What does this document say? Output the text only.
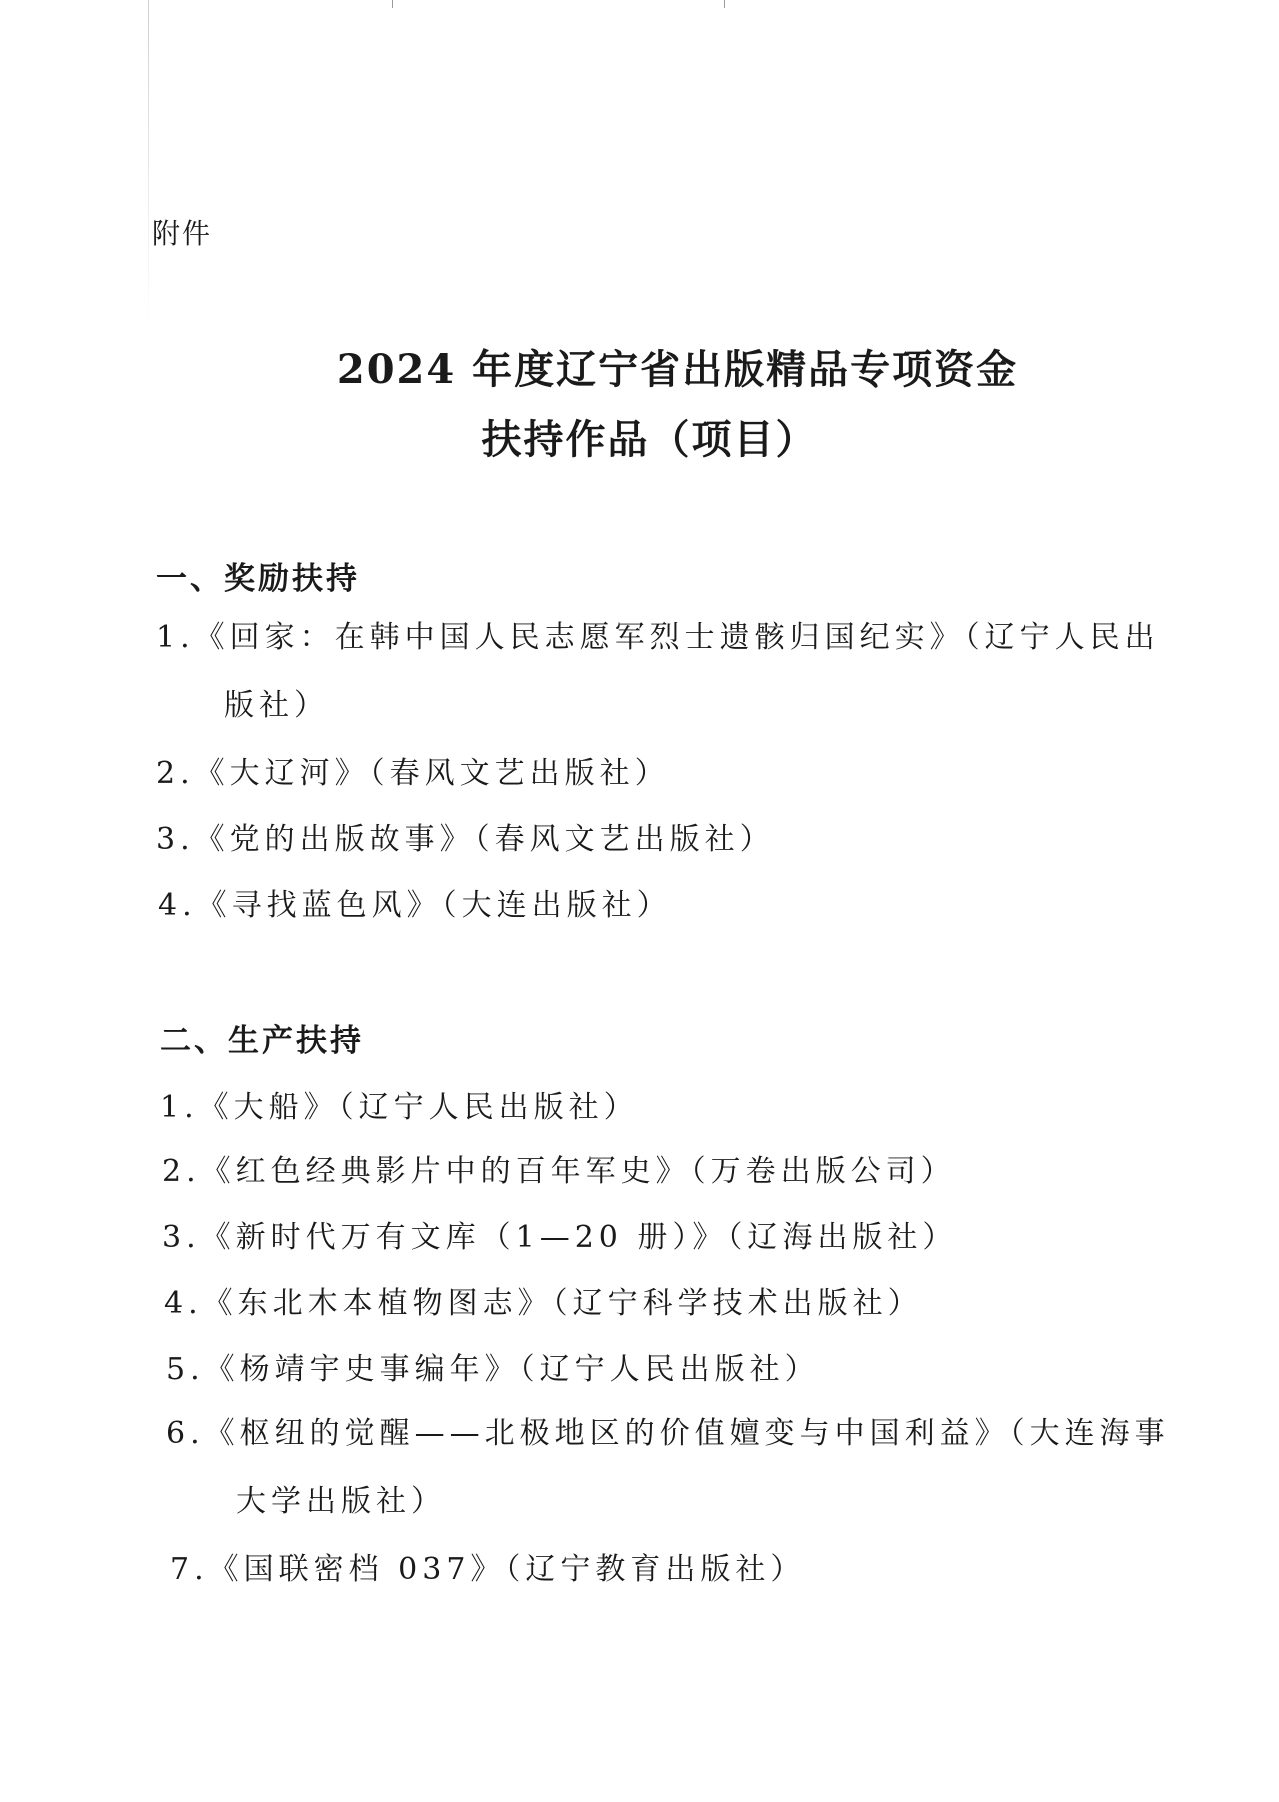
附件
2024 年度辽宁省出版精品专项资金
扶持作品（项目）
一、奖励扶持
1.《回家：在韩中国人民志愿军烈士遗骸归国纪实》（辽宁人民出
版社）
2.《大辽河》（春风文艺出版社）
3.《党的出版故事》（春风文艺出版社）
4.《寻找蓝色风》（大连出版社）
二、生产扶持
1.《大船》（辽宁人民出版社）
2.《红色经典影片中的百年军史》（万卷出版公司）
3.《新时代万有文库（1—20 册）》（辽海出版社）
4.《东北木本植物图志》（辽宁科学技术出版社）
5.《杨靖宇史事编年》（辽宁人民出版社）
6.《枢纽的觉醒——北极地区的价值嬗变与中国利益》（大连海事
大学出版社）
7.《国联密档 037》（辽宁教育出版社）
